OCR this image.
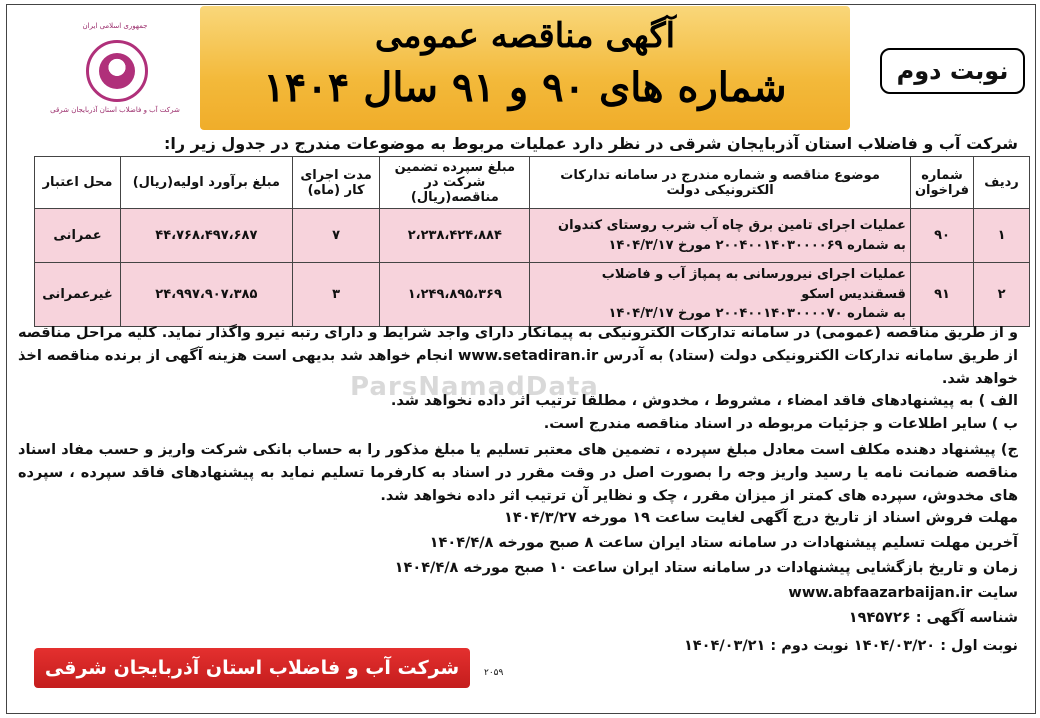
آگهی مناقصه عمومی
شماره های ۹۰ و ۹۱ سال ۱۴۰۴	نوبت دوم
جمهوری اسلامی ایران
شرکت آب و فاضلاب استان آذربایجان شرقی
شرکت آب و فاضلاب استان آذربایجان شرقی در نظر دارد عملیات مربوط به موضوعات مندرج در جدول زیر را:
ردیف	شماره فراخوان	موضوع مناقصه و شماره مندرج در سامانه تدارکات الکترونیکی دولت	مبلغ سپرده تضمین شرکت در مناقصه(ریال)	مدت اجرای کار (ماه)	مبلغ برآورد اولیه(ریال)	محل اعتبار
۱	۹۰	عملیات اجرای تامین برق چاه آب شرب روستای کندوان
به شماره ۲۰۰۴۰۰۱۴۰۳۰۰۰۰۶۹ مورخ ۱۴۰۴/۳/۱۷	۲،۲۳۸،۴۲۴،۸۸۴	۷	۴۴،۷۶۸،۴۹۷،۶۸۷	عمرانی
۲	۹۱	عملیات اجرای نیرورسانی به پمپاژ آب و فاضلاب قسقندیس اسکو
به شماره ۲۰۰۴۰۰۱۴۰۳۰۰۰۰۷۰ مورخ ۱۴۰۴/۳/۱۷	۱،۲۴۹،۸۹۵،۳۶۹	۳	۲۴،۹۹۷،۹۰۷،۳۸۵	غیرعمرانی
و از طریق مناقصه (عمومی) در سامانه تدارکات الکترونیکی به پیمانکار دارای واجد شرایط و دارای رتبه نیرو واگذار نماید. کلیه مراحل مناقصه از طریق سامانه تدارکات الکترونیکی دولت (ستاد) به آدرس www.setadiran.ir انجام خواهد شد بدیهی است هزینه آگهی از برنده مناقصه اخذ خواهد شد.
الف ) به پیشنهادهای فاقد امضاء ، مشروط ، مخدوش ، مطلقا ترتیب اثر داده نخواهد شد.
ب ) سایر اطلاعات و جزئیات مربوطه در اسناد مناقصه مندرج است.
ج) پیشنهاد دهنده مکلف است معادل مبلغ سپرده ، تضمین های معتبر تسلیم یا مبلغ مذکور را به حساب بانکی شرکت واریز و حسب مفاد اسناد مناقصه ضمانت نامه یا رسید واریز وجه را بصورت اصل در وقت مقرر در اسناد به کارفرما تسلیم نماید به پیشنهادهای فاقد سپرده ، سپرده های مخدوش، سپرده های کمتر از میزان مقرر ، چک و نظایر آن ترتیب اثر داده نخواهد شد.
مهلت فروش اسناد از تاریخ درج آگهی لغایت ساعت ۱۹ مورخه ۱۴۰۴/۳/۲۷
آخرین مهلت تسلیم پیشنهادات در سامانه ستاد ایران ساعت ۸ صبح مورخه ۱۴۰۴/۴/۸
زمان و تاریخ بازگشایی پیشنهادات در سامانه ستاد ایران ساعت ۱۰ صبح مورخه ۱۴۰۴/۴/۸
سایت www.abfaazarbaijan.ir
شناسه آگهی : ۱۹۴۵۷۲۶
نوبت اول : ۱۴۰۴/۰۳/۲۰ نوبت دوم : ۱۴۰۴/۰۳/۲۱
شرکت آب و فاضلاب استان آذربایجان شرقی	۲۰۵۹
ParsNamadData
